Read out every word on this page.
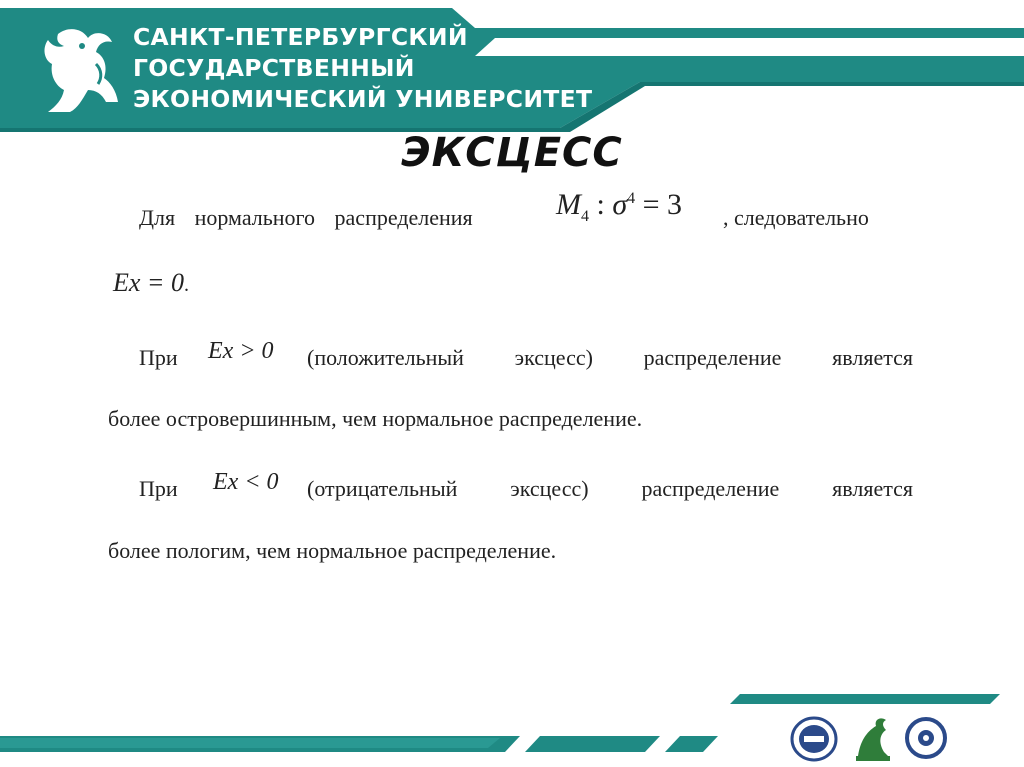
САНКТ-ПЕТЕРБУРГСКИЙ
ГОСУДАРСТВЕННЫЙ
ЭКОНОМИЧЕСКИЙ УНИВЕРСИТЕТ
ЭКСЦЕСС
Для нормального распределения	$M_4$ : $\sigma^4 = 3$ , следовательно
Ex = 0.
При Ex > 0 (положительный эксцесс) распределение является
более островершинным, чем нормальное распределение.
При Ex < 0 (отрицательный эксцесс) распределение является
более пологим, чем нормальное распределение.
